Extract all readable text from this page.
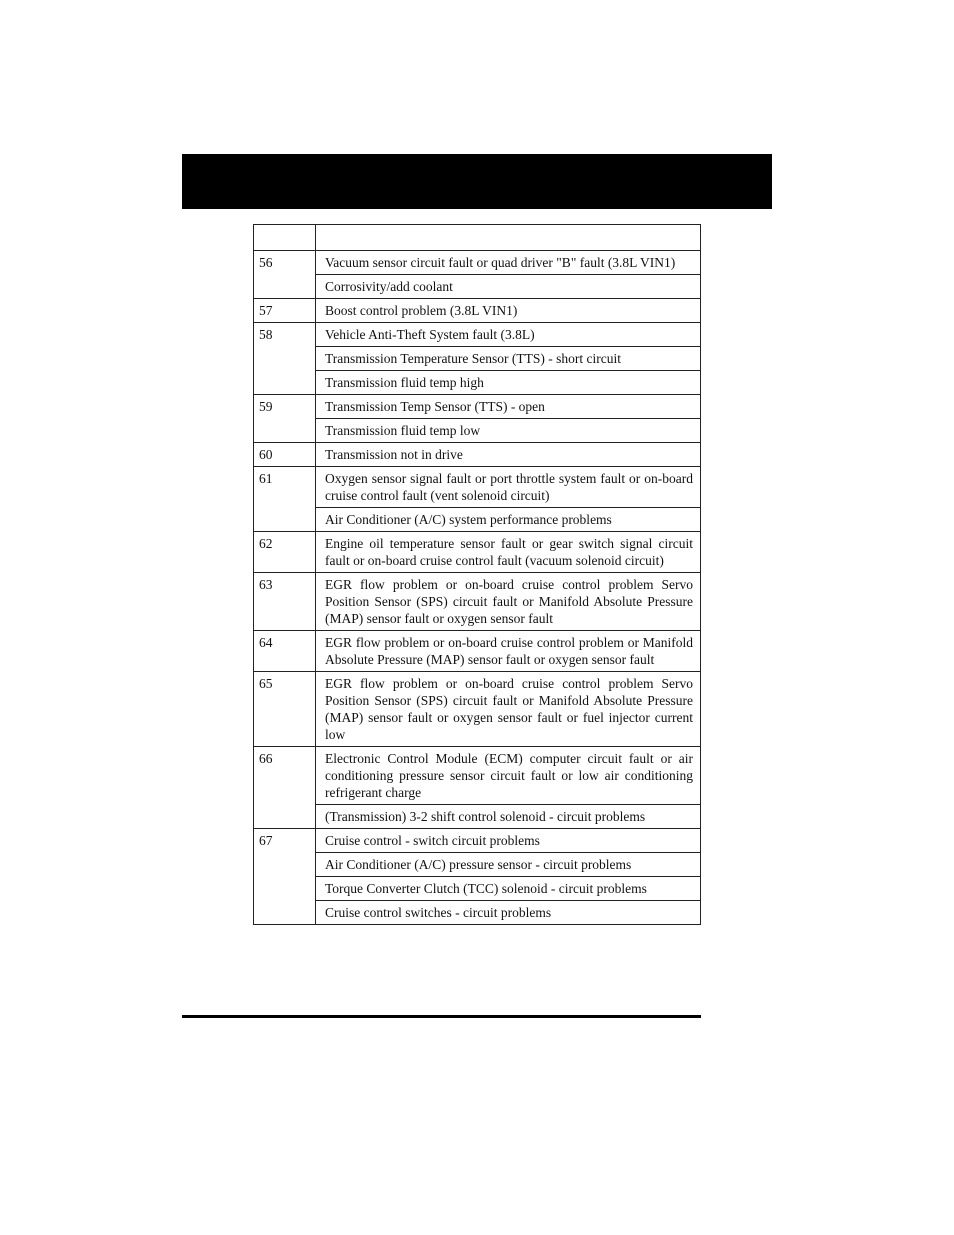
56	Vacuum sensor circuit fault or quad driver "B" fault (3.8L VIN1)
	Corrosivity/add coolant
57	Boost control problem (3.8L VIN1)
58	Vehicle Anti-Theft System fault (3.8L)
	Transmission Temperature Sensor (TTS) - short circuit
	Transmission fluid temp high
59	Transmission Temp Sensor (TTS) - open
	Transmission fluid temp low
60	Transmission not in drive
61	Oxygen sensor signal fault or port throttle system fault or on-board cruise control fault (vent solenoid circuit)
	Air Conditioner (A/C) system performance problems
62	Engine oil temperature sensor fault or gear switch signal circuit fault or on-board cruise control fault (vacuum solenoid circuit)
63	EGR flow problem or on-board cruise control problem Servo Position Sensor (SPS) circuit fault or Manifold Absolute Pressure (MAP) sensor fault or oxygen sensor fault
64	EGR flow problem or on-board cruise control problem or Manifold Absolute Pressure (MAP) sensor fault or oxygen sensor fault
65	EGR flow problem or on-board cruise control problem Servo Position Sensor (SPS) circuit fault or Manifold Absolute Pressure (MAP) sensor fault or oxygen sensor fault or fuel injector current low
66	Electronic Control Module (ECM) computer circuit fault or air conditioning pressure sensor circuit fault or low air conditioning refrigerant charge
	(Transmission) 3-2 shift control solenoid - circuit problems
67	Cruise control - switch circuit problems
	Air Conditioner (A/C) pressure sensor - circuit problems
	Torque Converter Clutch (TCC) solenoid - circuit problems
	Cruise control switches - circuit problems
